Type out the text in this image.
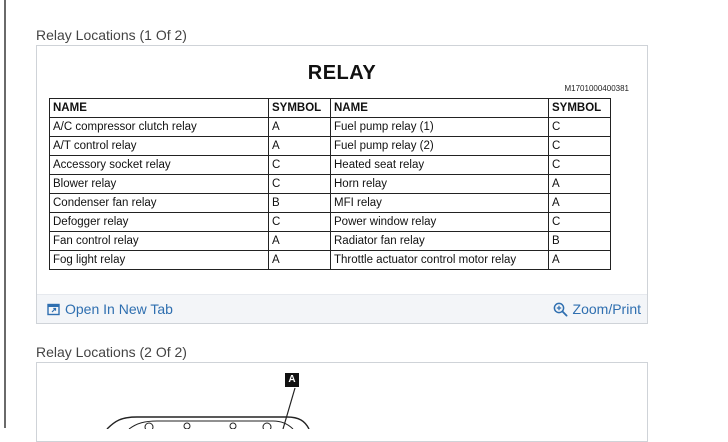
Relay Locations (1 Of 2)
RELAY
M1701000400381
NAME	SYMBOL	NAME	SYMBOL
A/C compressor clutch relay	A	Fuel pump relay (1)	C
A/T control relay	A	Fuel pump relay (2)	C
Accessory socket relay	C	Heated seat relay	C
Blower relay	C	Horn relay	A
Condenser fan relay	B	MFI relay	A
Defogger relay	C	Power window relay	C
Fan control relay	A	Radiator fan relay	B
Fog light relay	A	Throttle actuator control motor relay	A
Open In New Tab	Zoom/Print
Relay Locations (2 Of 2)
A
